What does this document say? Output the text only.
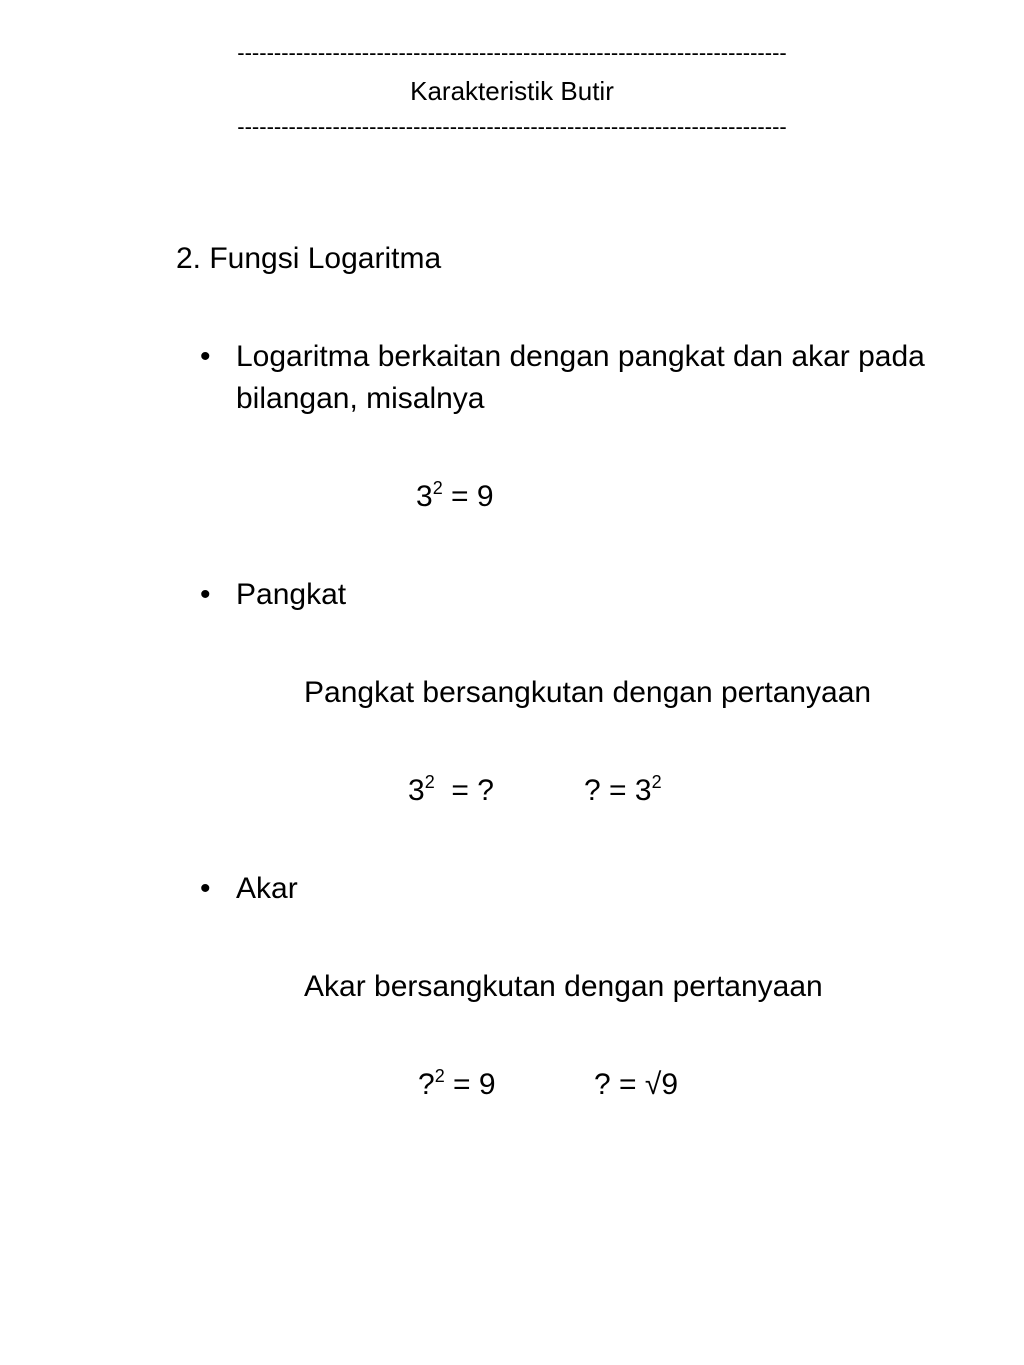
---------------------------------------------------------------------------
Karakteristik Butir
---------------------------------------------------------------------------
2. Fungsi Logaritma
• Logaritma berkaitan dengan pangkat dan akar pada bilangan, misalnya
$3^2 = 9$
• Pangkat
Pangkat bersangkutan dengan pertanyaan
$3^2$  = ?	? = $3^2$
• Akar
Akar bersangkutan dengan pertanyaan
?$^2$ = 9	? = √9
